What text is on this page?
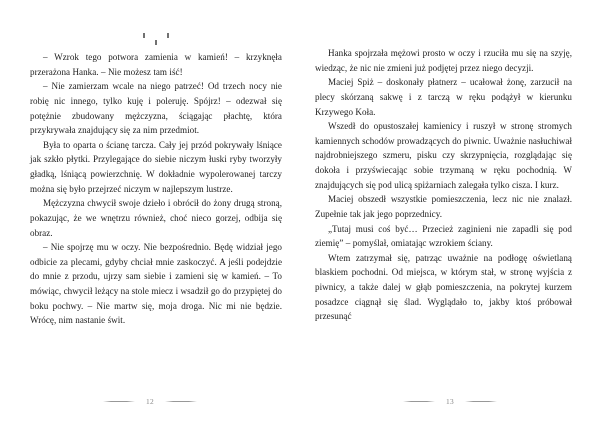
– Wzrok tego potwora zamienia w kamień! – krzyknęła przerażona Hanka. – Nie możesz tam iść!

– Nie zamierzam wcale na niego patrzeć! Od trzech nocy nie robię nic innego, tylko kuję i poleruję. Spójrz! – odezwał się potężnie zbudowany mężczyzna, ściągając płachtę, która przykrywała znajdujący się za nim przedmiot.

Była to oparta o ścianę tarcza. Cały jej przód pokrywały lśniące jak szkło płytki. Przylegające do siebie niczym łuski ryby tworzyły gładką, lśniącą powierzchnię. W dokładnie wypolerowanej tarczy można się było przejrzeć niczym w najlepszym lustrze.

Mężczyzna chwycił swoje dzieło i obrócił do żony drugą stroną, pokazując, że we wnętrzu również, choć nieco gorzej, odbija się obraz.

– Nie spojrzę mu w oczy. Nie bezpośrednio. Będę widział jego odbicie za plecami, gdyby chciał mnie zaskoczyć. A jeśli podejdzie do mnie z przodu, ujrzy sam siebie i zamieni się w kamień. – To mówiąc, chwycił leżący na stole miecz i wsadził go do przypiętej do boku pochwy. – Nie martw się, moja droga. Nic mi nie będzie. Wrócę, nim nastanie świt.

12

Hanka spojrzała mężowi prosto w oczy i rzuciła mu się na szyję, wiedząc, że nic nie zmieni już podjętej przez niego decyzji.

Maciej Spiż – doskonały płatnerz – ucałował żonę, zarzucił na plecy skórzaną sakwę i z tarczą w ręku podążył w kierunku Krzywego Koła.

Wszedł do opustoszałej kamienicy i ruszył w stronę stromych kamiennych schodów prowadzących do piwnic. Uważnie nasłuchiwał najdrobniejszego szmeru, pisku czy skrzypnięcia, rozglądając się dokoła i przyświecając sobie trzymaną w ręku pochodnią. W znajdujących się pod ulicą spiżarniach zalegała tylko cisza. I kurz.

Maciej obszedł wszystkie pomieszczenia, lecz nic nie znalazł. Zupełnie tak jak jego poprzednicy.

„Tutaj musi coś być… Przecież zaginieni nie zapadli się pod ziemię” – pomyślał, omiatając wzrokiem ściany.

Wtem zatrzymał się, patrząc uważnie na podłogę oświetlaną blaskiem pochodni. Od miejsca, w którym stał, w stronę wyjścia z piwnicy, a także dalej w głąb pomieszczenia, na pokrytej kurzem posadzce ciągnął się ślad. Wyglądało to, jakby ktoś próbował przesunąć

13
